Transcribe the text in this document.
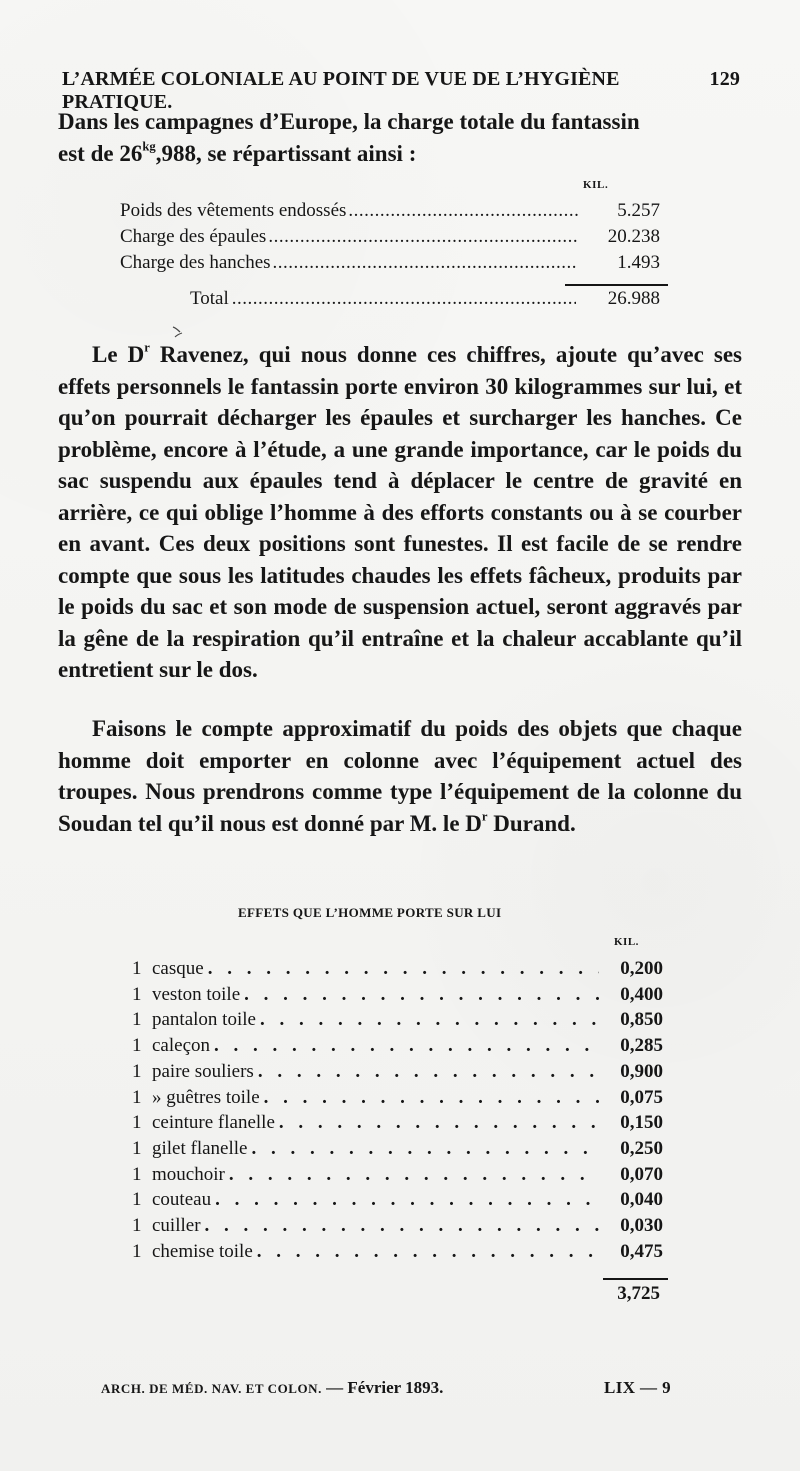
L’ARMÉE COLONIALE AU POINT DE VUE DE L’HYGIÈNE PRATIQUE.
129
Dans les campagnes d’Europe, la charge totale du fantassin
est de $26^{kg},988$, se répartissant ainsi :
KIL.
Poids des vêtements endossés .....	5.257
Charge des épaules .....	20.238
Charge des hanches .....	1.493
Total .....	26.988
Le $D^r$ Ravenez, qui nous donne ces chiffres, ajoute qu’avec ses effets personnels le fantassin porte environ 30 kilogrammes sur lui, et qu’on pourrait décharger les épaules et surcharger les hanches. Ce problème, encore à l’étude, a une grande importance, car le poids du sac suspendu aux épaules tend à déplacer le centre de gravité en arrière, ce qui oblige l’homme à des efforts constants ou à se courber en avant. Ces deux positions sont funestes. Il est facile de se rendre compte que sous les latitudes chaudes les effets fâcheux, produits par le poids du sac et son mode de suspension actuel, seront aggravés par la gêne de la respiration qu’il entraîne et la chaleur accablante qu’il entretient sur le dos.
Faisons le compte approximatif du poids des objets que chaque homme doit emporter en colonne avec l’équipement actuel des troupes. Nous prendrons comme type l’équipement de la colonne du Soudan tel qu’il nous est donné par M. le $D^r$ Durand.
EFFETS QUE L’HOMME PORTE SUR LUI
KIL.
1 casque . . .	0,200
1 veston toile . . .	0,400
1 pantalon toile . . .	0,850
1 caleçon . . .	0,285
1 paire souliers . . .	0,900
1 » guêtres toile . . .	0,075
1 ceinture flanelle . . .	0,150
1 gilet flanelle . . .	0,250
1 mouchoir . . .	0,070
1 couteau . . .	0,040
1 cuiller . . .	0,030
1 chemise toile . . .	0,475
3,725
ARCH. DE MÉD. NAV. ET COLON. — Février 1893.	LIX — 9
